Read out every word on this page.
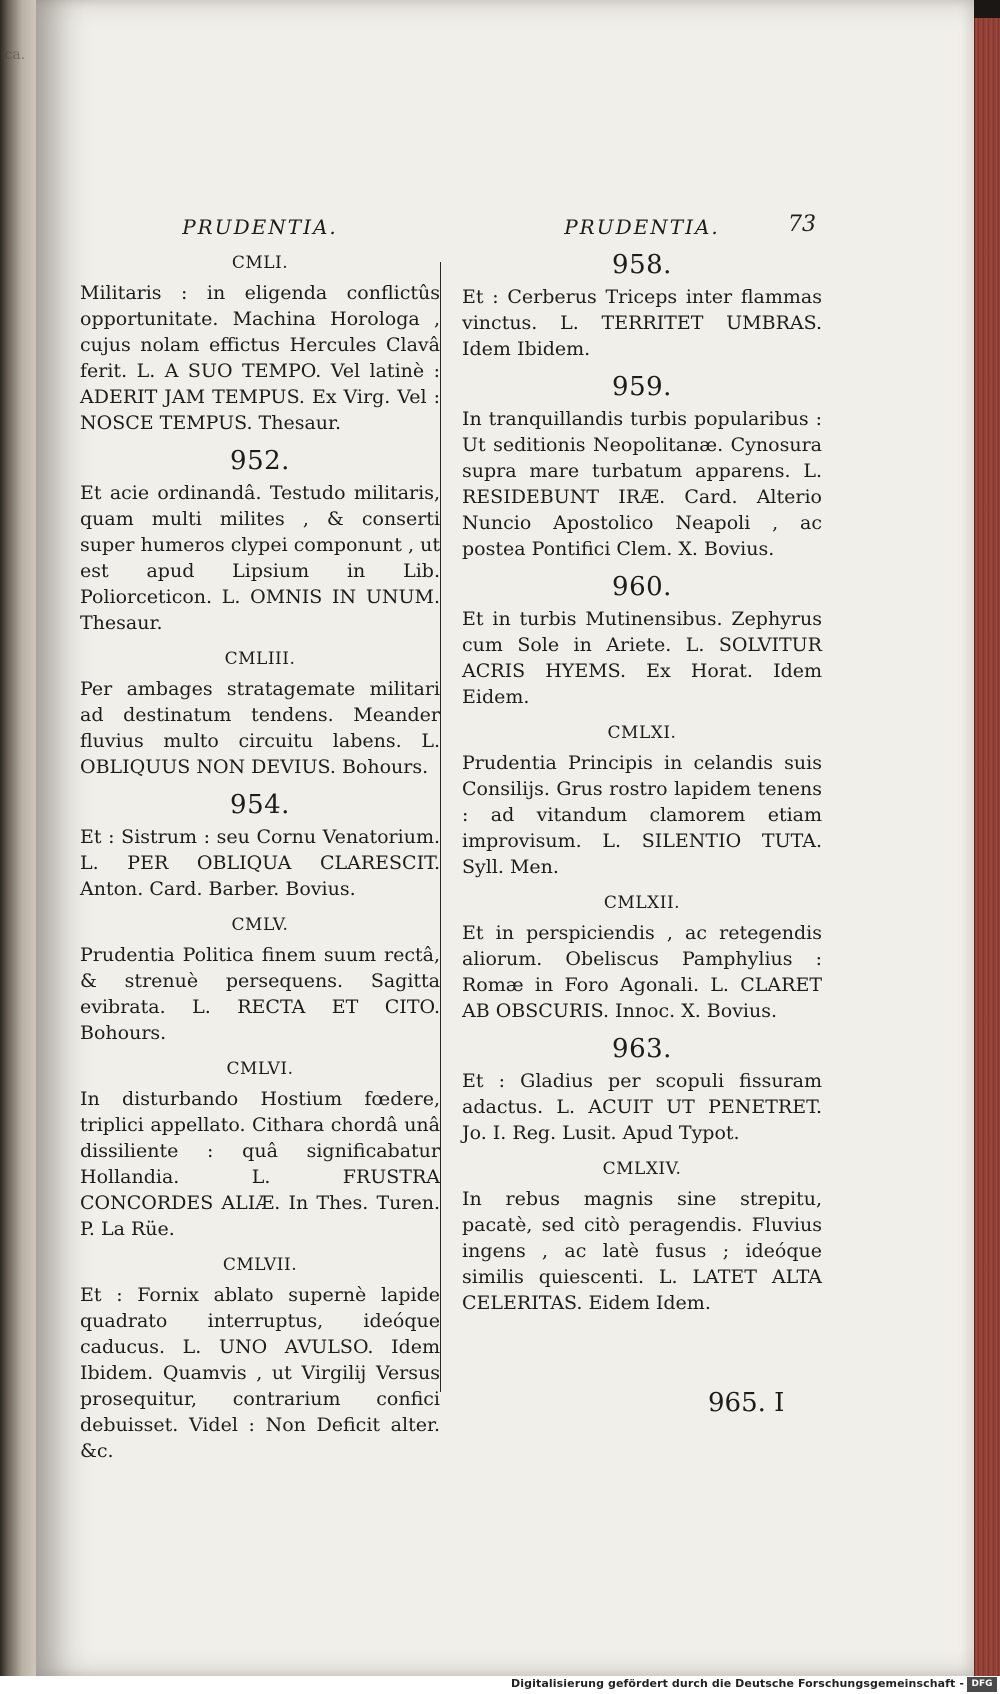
ica.
73
PRUDENTIA.
CMLI.

Militaris : in eligenda conflictûs opportunitate. Machina Horologa , cujus nolam effictus Hercules Clavâ ferit. L. A SUO TEMPO. Vel latinè : ADERIT JAM TEMPUS. Ex Virg. Vel : NOSCE TEMPUS. Thesaur.

952.

Et acie ordinandâ. Testudo militaris, quam multi milites , & conserti super humeros clypei componunt , ut est apud Lipsium in Lib. Poliorceticon. L. OMNIS IN UNUM. Thesaur.

CMLIII.

Per ambages stratagemate militari ad destinatum tendens. Meander fluvius multo circuitu labens. L. OBLIQUUS NON DEVIUS. Bohours.

954.

Et : Sistrum : seu Cornu Venatorium. L. PER OBLIQUA CLARESCIT. Anton. Card. Barber. Bovius.

CMLV.

Prudentia Politica finem suum rectâ, & strenuè persequens. Sagitta evibrata. L. RECTA ET CITO. Bohours.

CMLVI.

In disturbando Hostium fœdere, triplici appellato. Cithara chordâ unâ dissiliente : quâ significabatur Hollandia. L. FRUSTRA CONCORDES ALIÆ. In Thes. Turen. P. La Rüe.

CMLVII.

Et : Fornix ablato supernè lapide quadrato interruptus, ideóque caducus. L. UNO AVULSO. Idem Ibidem. Quamvis , ut Virgilij Versus prosequitur, contrarium confici debuisset. Videl : Non Deficit alter. &c.

PRUDENTIA.
958.

Et : Cerberus Triceps inter flammas vinctus. L. TERRITET UMBRAS. Idem Ibidem.

959.

In tranquillandis turbis popularibus : Ut seditionis Neopolitanæ. Cynosura supra mare turbatum apparens. L. RESIDEBUNT IRÆ. Card. Alterio Nuncio Apostolico Neapoli , ac postea Pontifici Clem. X. Bovius.

960.

Et in turbis Mutinensibus. Zephyrus cum Sole in Ariete. L. SOLVITUR ACRIS HYEMS. Ex Horat. Idem Eidem.

CMLXI.

Prudentia Principis in celandis suis Consilijs. Grus rostro lapidem tenens : ad vitandum clamorem etiam improvisum. L. SILENTIO TUTA. Syll. Men.

CMLXII.

Et in perspiciendis , ac retegendis aliorum. Obeliscus Pamphylius : Romæ in Foro Agonali. L. CLARET AB OBSCURIS. Innoc. X. Bovius.

963.

Et : Gladius per scopuli fissuram adactus. L. ACUIT UT PENETRET. Jo. I. Reg. Lusit. Apud Typot.

CMLXIV.

In rebus magnis sine strepitu, pacatè, sed citò peragendis. Fluvius ingens , ac latè fusus ; ideóque similis quiescenti. L. LATET ALTA CELERITAS. Eidem Idem.

965. I
Digitalisierung gefördert durch die Deutsche Forschungsgemeinschaft - DFG
